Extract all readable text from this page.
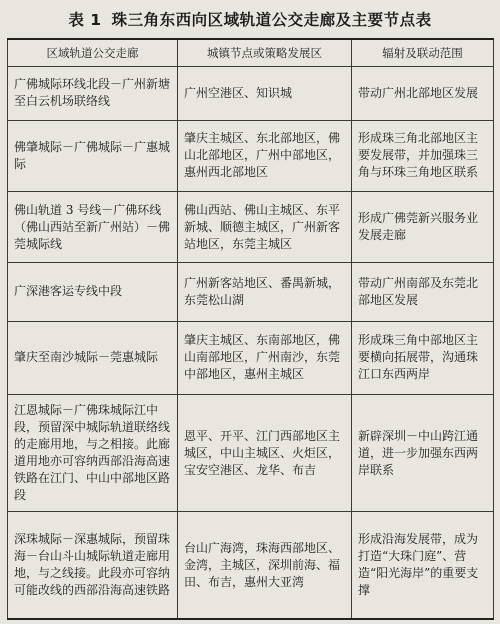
表 1 珠三角东西向区域轨道公交走廊及主要节点表
区域轨道公交走廊	城镇节点或策略发展区	辐射及联动范围
广佛城际环线北段－广州新塘至白云机场联络线	广州空港区、知识城	带动广州北部地区发展
佛肇城际－广佛城际－广惠城际	肇庆主城区、东北部地区，佛山北部地区，广州中部地区，惠州西北部地区	形成珠三角北部地区主要发展带，并加强珠三角与环珠三角地区联系
佛山轨道 3 号线－广佛环线（佛山西站至新广州站）－佛莞城际线	佛山西站、佛山主城区、东平新城、顺德主城区，广州新客站地区，东莞主城区	形成广佛莞新兴服务业发展走廊
广深港客运专线中段	广州新客站地区、番禺新城，东莞松山湖	带动广州南部及东莞北部地区发展
肇庆至南沙城际－莞惠城际	肇庆主城区、东南部地区，佛山南部地区，广州南沙，东莞中部地区，惠州主城区	形成珠三角中部地区主要横向拓展带，沟通珠江口东西两岸
江恩城际－广佛珠城际江中段，预留深中城际轨道联络线的走廊用地，与之相接。此廊道用地亦可容纳西部沿海高速铁路在江门、中山中部地区路段	恩平、开平、江门西部地区主城区，中山主城区、火炬区，宝安空港区、龙华、布吉	新辟深圳－中山跨江通道，进一步加强东西两岸联系
深珠城际－深惠城际，预留珠海－台山斗山城际轨道走廊用地，与之线接。此段亦可容纳可能改线的西部沿海高速铁路	台山广海湾，珠海西部地区、金湾，主城区，深圳前海、福田、布吉，惠州大亚湾	形成沿海发展带，成为打造“大珠门庭”、营造“阳光海岸”的重要支撑
